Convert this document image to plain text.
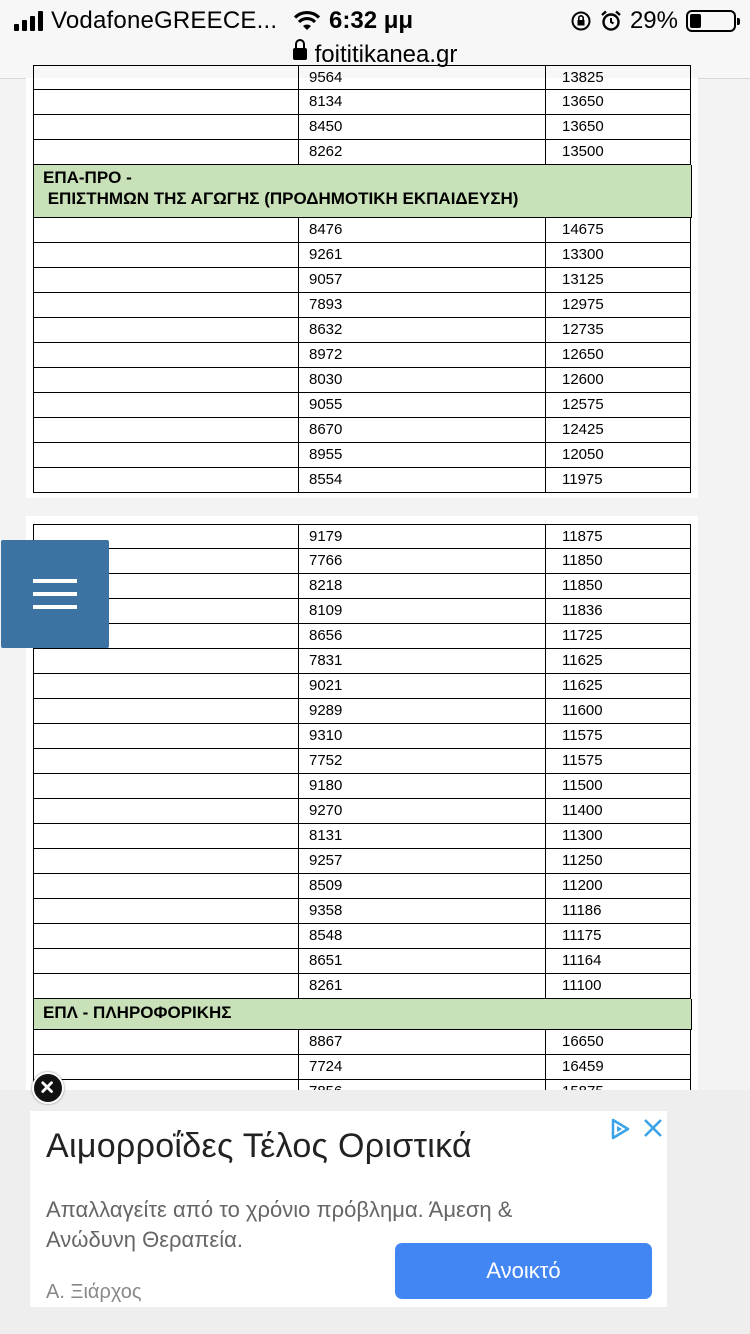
VodafoneGREECE... 6:32 μμ	29%
foititikanea.gr
9564	13825
8134	13650
8450	13650
8262	13500
ΕΠΑ-ΠΡΟ -
ΕΠΙΣΤΗΜΩΝ ΤΗΣ ΑΓΩΓΗΣ (ΠΡΟΔΗΜΟΤΙΚΗ ΕΚΠΑΙΔΕΥΣΗ)
8476	14675
9261	13300
9057	13125
7893	12975
8632	12735
8972	12650
8030	12600
9055	12575
8670	12425
8955	12050
8554	11975
9179	11875
7766	11850
8218	11850
8109	11836
8656	11725
7831	11625
9021	11625
9289	11600
9310	11575
7752	11575
9180	11500
9270	11400
8131	11300
9257	11250
8509	11200
9358	11186
8548	11175
8651	11164
8261	11100
ΕΠΛ - ΠΛΗΡΟΦΟΡΙΚΗΣ
8867	16650
7724	16459
Αιμορροΐδες Τέλος Οριστικά
Απαλλαγείτε από το χρόνιο πρόβλημα. Άμεση & Ανώδυνη Θεραπεία.
Α. Ξιάρχος
Ανοικτό
